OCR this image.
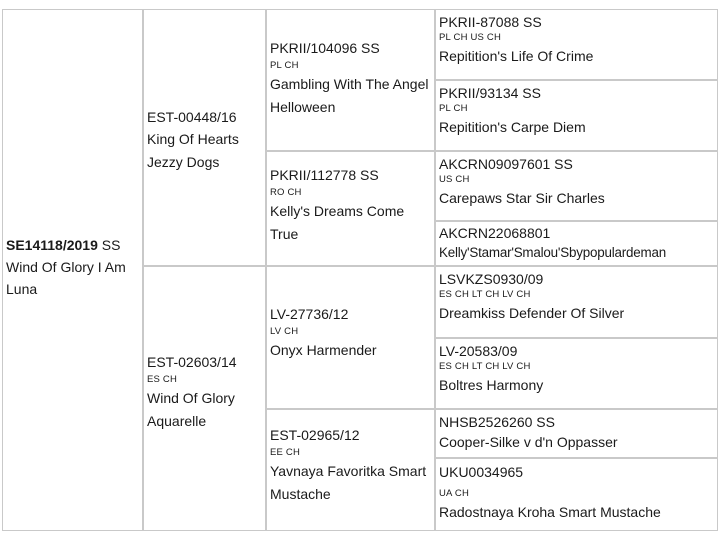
SE14118/2019 SS
Wind Of Glory I Am Luna
EST-00448/16
King Of Hearts Jezzy Dogs
EST-02603/14
ES CH
Wind Of Glory Aquarelle
PKRII/104096 SS
PL CH
Gambling With The Angel Helloween
PKRII/112778 SS
RO CH
Kelly's Dreams Come True
LV-27736/12
LV CH
Onyx Harmender
EST-02965/12
EE CH
Yavnaya Favoritka Smart Mustache
PKRII-87088 SS
PL CH US CH
Repitition's Life Of Crime
PKRII/93134 SS
PL CH
Repitition's Carpe Diem
AKCRN09097601 SS
US CH
Carepaws Star Sir Charles
AKCRN22068801
Kelly'Stamar'Smalou'Sbypopulardeman
LSVKZS0930/09
ES CH LT CH LV CH
Dreamkiss Defender Of Silver
LV-20583/09
ES CH LT CH LV CH
Boltres Harmony
NHSB2526260 SS
Cooper-Silke v d'n Oppasser
UKU0034965
UA CH
Radostnaya Kroha Smart Mustache
